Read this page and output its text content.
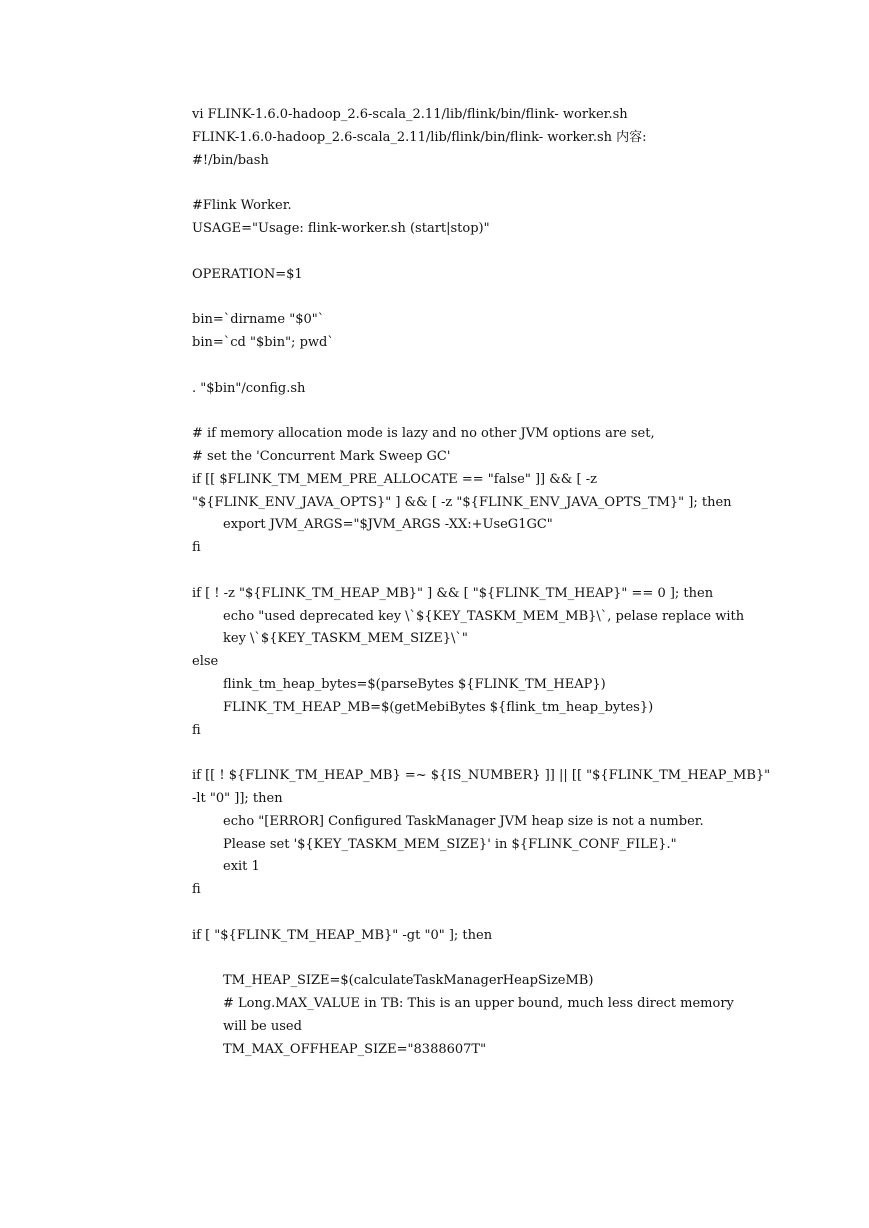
vi FLINK-1.6.0-hadoop_2.6-scala_2.11/lib/flink/bin/flink- worker.sh
FLINK-1.6.0-hadoop_2.6-scala_2.11/lib/flink/bin/flink- worker.sh 内容:
#!/bin/bash
#Flink Worker.
USAGE="Usage: flink-worker.sh (start|stop)"
OPERATION=$1
bin=`dirname "$0"`
bin=`cd "$bin"; pwd`
. "$bin"/config.sh
# if memory allocation mode is lazy and no other JVM options are set,
# set the 'Concurrent Mark Sweep GC'
if [[ $FLINK_TM_MEM_PRE_ALLOCATE == "false" ]] && [ -z
"${FLINK_ENV_JAVA_OPTS}" ] && [ -z "${FLINK_ENV_JAVA_OPTS_TM}" ]; then
export JVM_ARGS="$JVM_ARGS -XX:+UseG1GC"
fi
if [ ! -z "${FLINK_TM_HEAP_MB}" ] && [ "${FLINK_TM_HEAP}" == 0 ]; then
echo "used deprecated key \`${KEY_TASKM_MEM_MB}\`, pelase replace with
key \`${KEY_TASKM_MEM_SIZE}\`"
else
flink_tm_heap_bytes=$(parseBytes ${FLINK_TM_HEAP})
FLINK_TM_HEAP_MB=$(getMebiBytes ${flink_tm_heap_bytes})
fi
if [[ ! ${FLINK_TM_HEAP_MB} =~ ${IS_NUMBER} ]] || [[ "${FLINK_TM_HEAP_MB}"
-lt "0" ]]; then
echo "[ERROR] Configured TaskManager JVM heap size is not a number.
Please set '${KEY_TASKM_MEM_SIZE}' in ${FLINK_CONF_FILE}."
exit 1
fi
if [ "${FLINK_TM_HEAP_MB}" -gt "0" ]; then
TM_HEAP_SIZE=$(calculateTaskManagerHeapSizeMB)
# Long.MAX_VALUE in TB: This is an upper bound, much less direct memory
will be used
TM_MAX_OFFHEAP_SIZE="8388607T"
